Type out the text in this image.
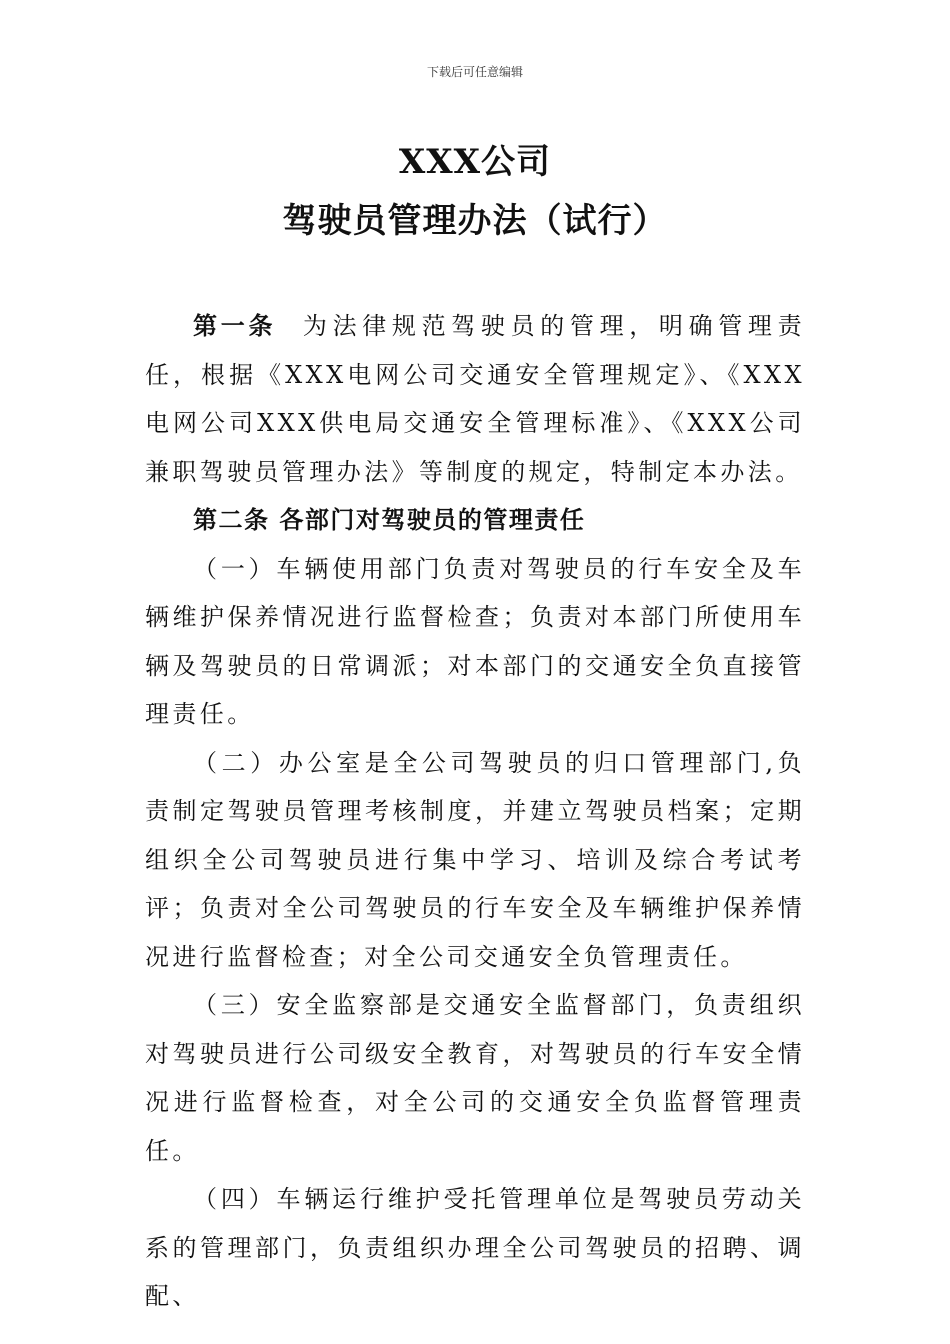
下载后可任意编辑
XXX公司
驾驶员管理办法（试行）

第一条 为法律规范驾驶员的管理，明确管理责任，根据《XXX电网公司交通安全管理规定》、《XXX电网公司XXX供电局交通安全管理标准》、《XXX公司兼职驾驶员管理办法》等制度的规定，特制定本办法。

第二条 各部门对驾驶员的管理责任

（一）车辆使用部门负责对驾驶员的行车安全及车辆维护保养情况进行监督检查；负责对本部门所使用车辆及驾驶员的日常调派；对本部门的交通安全负直接管理责任。

（二）办公室是全公司驾驶员的归口管理部门,负责制定驾驶员管理考核制度，并建立驾驶员档案；定期组织全公司驾驶员进行集中学习、培训及综合考试考评；负责对全公司驾驶员的行车安全及车辆维护保养情况进行监督检查；对全公司交通安全负管理责任。

（三）安全监察部是交通安全监督部门，负责组织对驾驶员进行公司级安全教育，对驾驶员的行车安全情况进行监督检查，对全公司的交通安全负监督管理责任。

（四）车辆运行维护受托管理单位是驾驶员劳动关系的管理部门，负责组织办理全公司驾驶员的招聘、调配、
